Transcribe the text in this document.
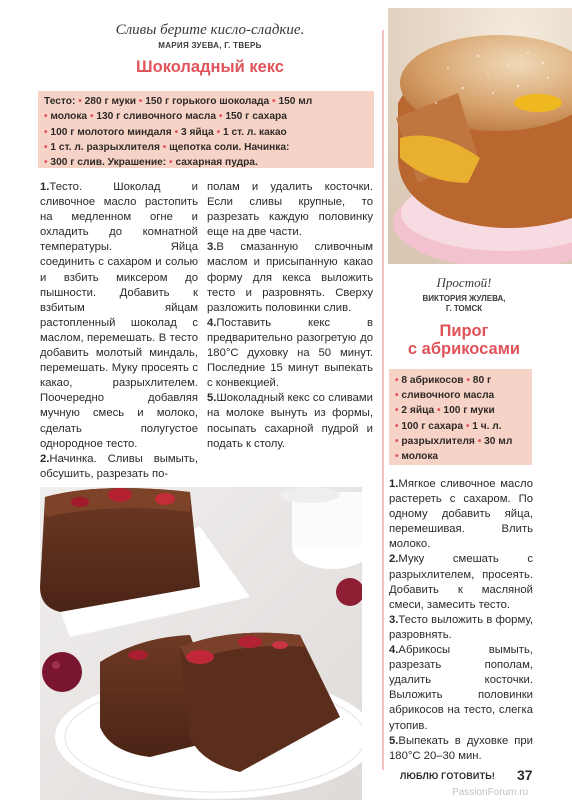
Сливы берите кисло-сладкие.
МАРИЯ ЗУЕВА, Г. ТВЕРЬ
Шоколадный кекс
Тесто: • 280 г муки • 150 г горького шоколада • 150 мл
• молока • 130 г сливочного масла • 150 г сахара
• 100 г молотого миндаля • 3 яйца • 1 ст. л. какао
• 1 ст. л. разрыхлителя • щепотка соли. Начинка:
• 300 г слив. Украшение: • сахарная пудра.

1.Тесто. Шоколад и сливочное масло растопить на медленном огне и охладить до комнатной температуры. Яйца соединить с сахаром и солью и взбить миксером до пышности. Добавить к взбитым яйцам растопленный шоколад с маслом, перемешать. В тесто добавить молотый миндаль, перемешать. Муку просеять с какао, разрыхлителем. Поочередно добавляя мучную смесь и молоко, сделать полугустое однородное тесто.

2.Начинка. Сливы вымыть, обсушить, разрезать по-

полам и удалить косточки. Если сливы крупные, то разрезать каждую половинку еще на две части.

3.В смазанную сливочным маслом и присыпанную какао форму для кекса выложить тесто и разровнять. Сверху разложить половинки слив.

4.Поставить кекс в предварительно разогретую до 180°С духовку на 50 минут. Последние 15 минут выпекать с конвекцией.

5.Шоколадный кекс со сливами на молоке вынуть из формы, посыпать сахарной пудрой и подать к столу.

Простой!
ВИКТОРИЯ ЖУЛЕВА,
Г. ТОМСК
Пирог
с абрикосами
• 8 абрикосов • 80 г
• сливочного масла
• 2 яйца • 100 г муки
• 100 г сахара • 1 ч. л.
• разрыхлителя • 30 мл
• молока

1.Мягкое сливочное масло растереть с сахаром. По одному добавить яйца, перемешивая. Влить молоко.

2.Муку смешать с разрыхлителем, просеять. Добавить к масляной смеси, замесить тесто.

3.Тесто выложить в форму, разровнять.

4.Абрикосы вымыть, разрезать пополам, удалить косточки. Выложить половинки абрикосов на тесто, слегка утопив.

5.Выпекать в духовке при 180°С 20–30 мин.

ЛЮБЛЮ ГОТОВИТЬ! 37
PassionForum.ru
